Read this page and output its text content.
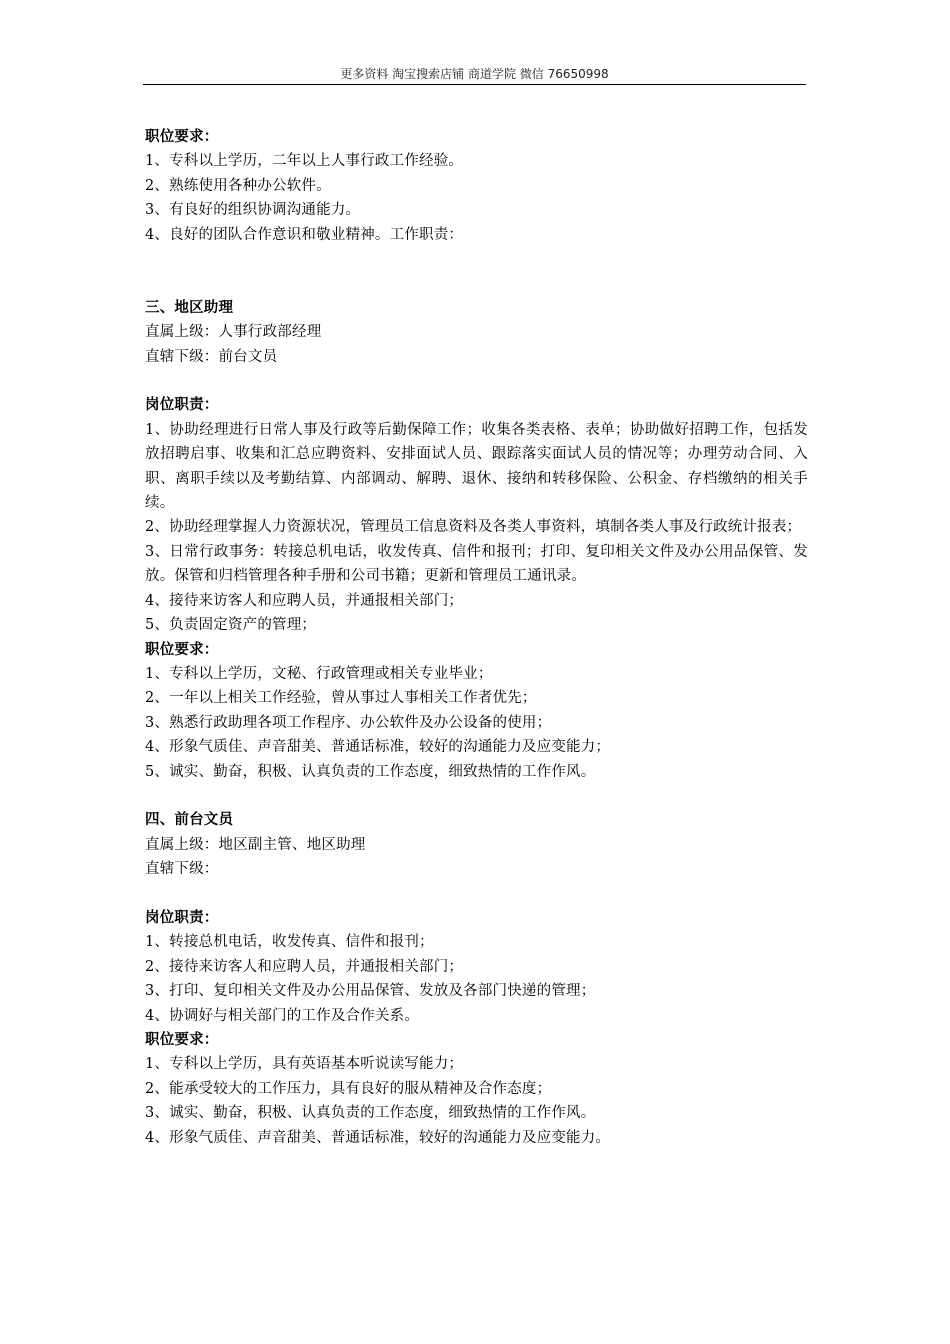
更多资料 淘宝搜索店铺 商道学院 微信 76650998
职位要求：
1、专科以上学历，二年以上人事行政工作经验。
2、熟练使用各种办公软件。
3、有良好的组织协调沟通能力。
4、良好的团队合作意识和敬业精神。工作职责：
三、地区助理
直属上级：人事行政部经理
直辖下级：前台文员
岗位职责：
1、协助经理进行日常人事及行政等后勤保障工作；收集各类表格、表单；协助做好招聘工作，包括发放招聘启事、收集和汇总应聘资料、安排面试人员、跟踪落实面试人员的情况等；办理劳动合同、入职、离职手续以及考勤结算、内部调动、解聘、退休、接纳和转移保险、公积金、存档缴纳的相关手续。
2、协助经理掌握人力资源状况，管理员工信息资料及各类人事资料，填制各类人事及行政统计报表；
3、日常行政事务：转接总机电话，收发传真、信件和报刊；打印、复印相关文件及办公用品保管、发放。保管和归档管理各种手册和公司书籍；更新和管理员工通讯录。
4、接待来访客人和应聘人员，并通报相关部门；
5、负责固定资产的管理；
职位要求：
1、专科以上学历，文秘、行政管理或相关专业毕业；
2、一年以上相关工作经验，曾从事过人事相关工作者优先；
3、熟悉行政助理各项工作程序、办公软件及办公设备的使用；
4、形象气质佳、声音甜美、普通话标准，较好的沟通能力及应变能力；
5、诚实、勤奋，积极、认真负责的工作态度，细致热情的工作作风。
四、前台文员
直属上级：地区副主管、地区助理
直辖下级：
岗位职责：
1、转接总机电话，收发传真、信件和报刊；
2、接待来访客人和应聘人员，并通报相关部门；
3、打印、复印相关文件及办公用品保管、发放及各部门快递的管理；
4、协调好与相关部门的工作及合作关系。
职位要求：
1、专科以上学历，具有英语基本听说读写能力；
2、能承受较大的工作压力，具有良好的服从精神及合作态度；
3、诚实、勤奋，积极、认真负责的工作态度，细致热情的工作作风。
4、形象气质佳、声音甜美、普通话标准，较好的沟通能力及应变能力。
